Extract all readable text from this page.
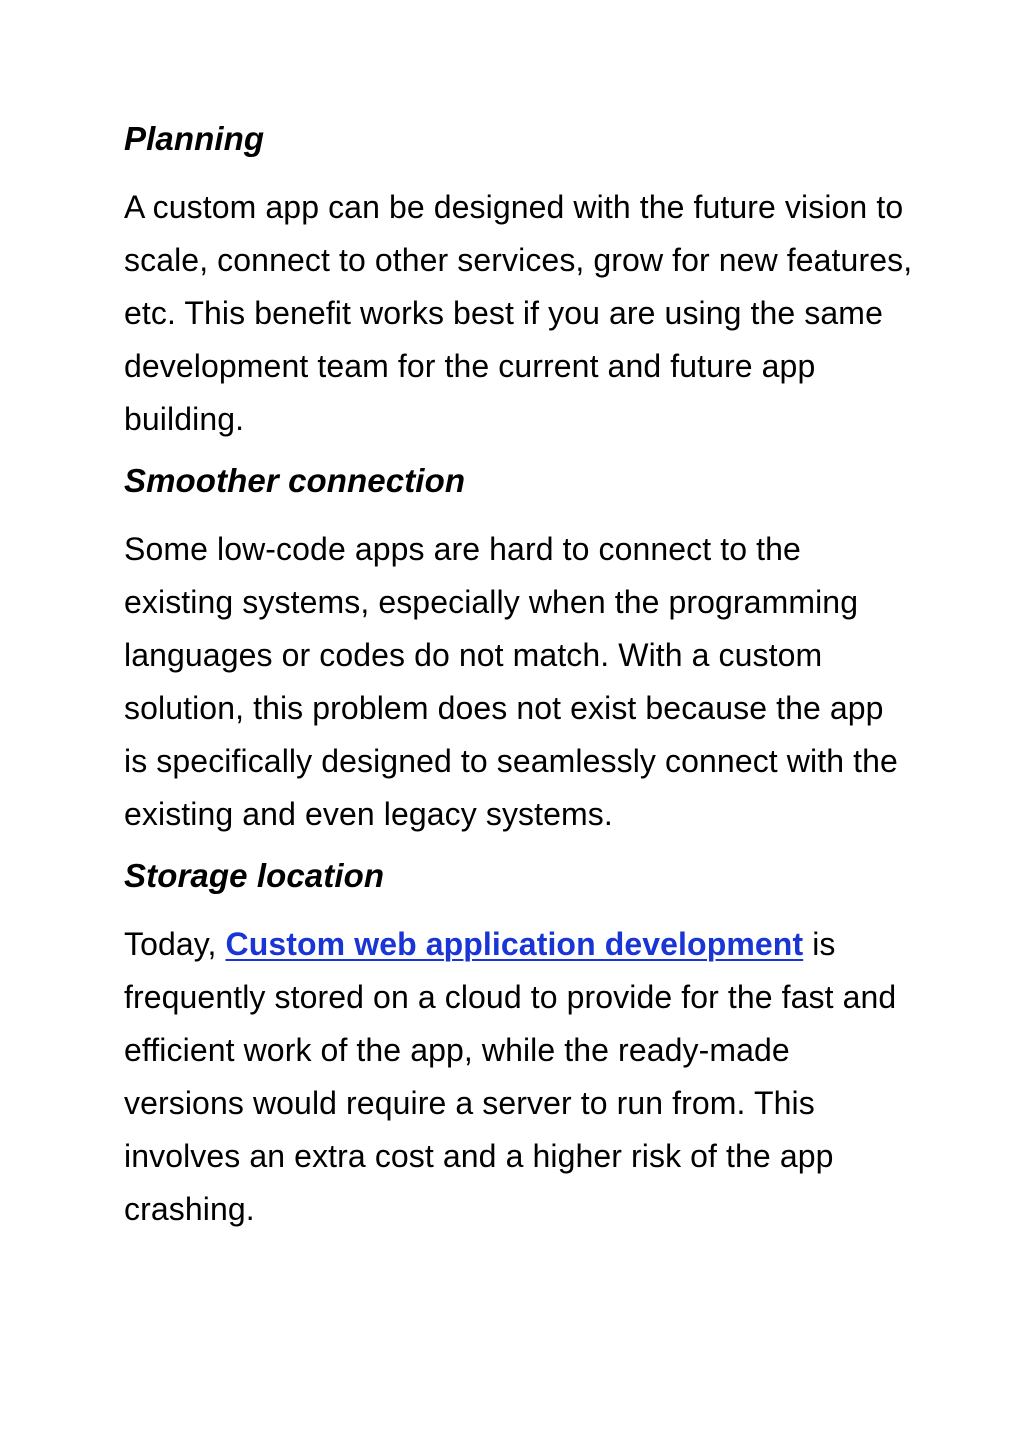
Planning
A custom app can be designed with the future vision to scale, connect to other services, grow for new features, etc. This benefit works best if you are using the same development team for the current and future app building.
Smoother connection
Some low-code apps are hard to connect to the existing systems, especially when the programming languages or codes do not match. With a custom solution, this problem does not exist because the app is specifically designed to seamlessly connect with the existing and even legacy systems.
Storage location
Today, Custom web application development is frequently stored on a cloud to provide for the fast and efficient work of the app, while the ready-made versions would require a server to run from. This involves an extra cost and a higher risk of the app crashing.
